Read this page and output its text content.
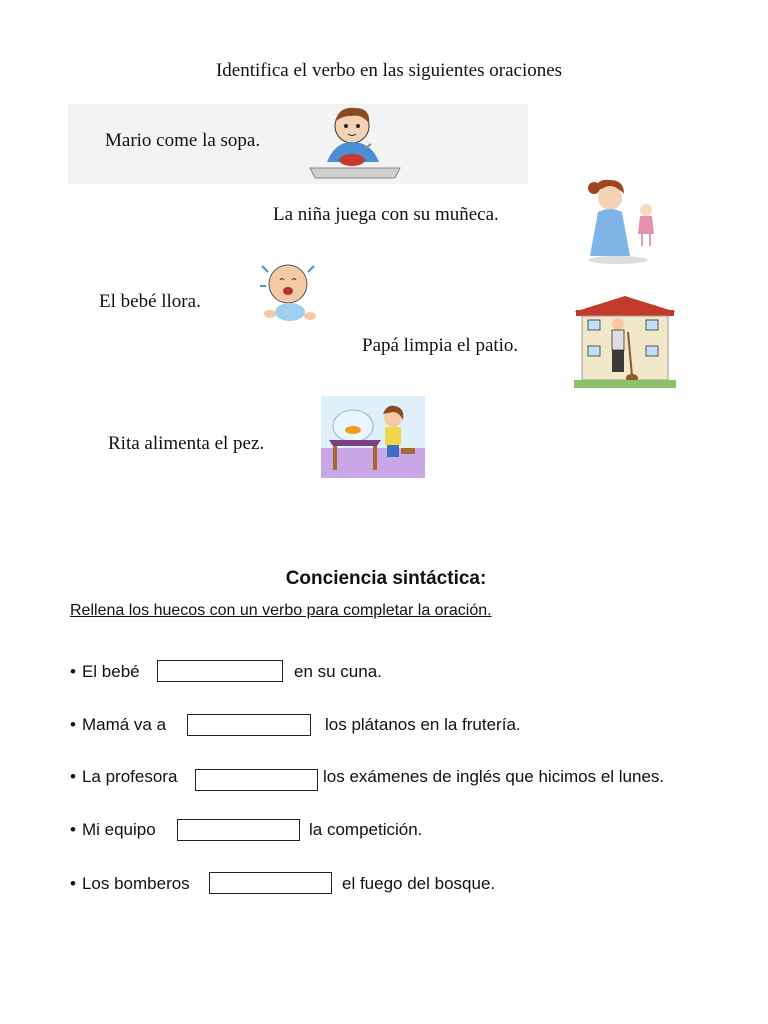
Identifica el verbo en las siguientes oraciones
Mario come la sopa.
La niña juega con su muñeca.
El bebé llora.
Papá limpia el patio.
Rita alimenta el pez.
Conciencia sintáctica:
Rellena los huecos con un verbo para completar la oración.
• El bebé	en su cuna.
• Mamá va a	los plátanos en la frutería.
• La profesora	los exámenes de inglés que hicimos el lunes.
• Mi equipo	la competición.
• Los bomberos	el fuego del bosque.
